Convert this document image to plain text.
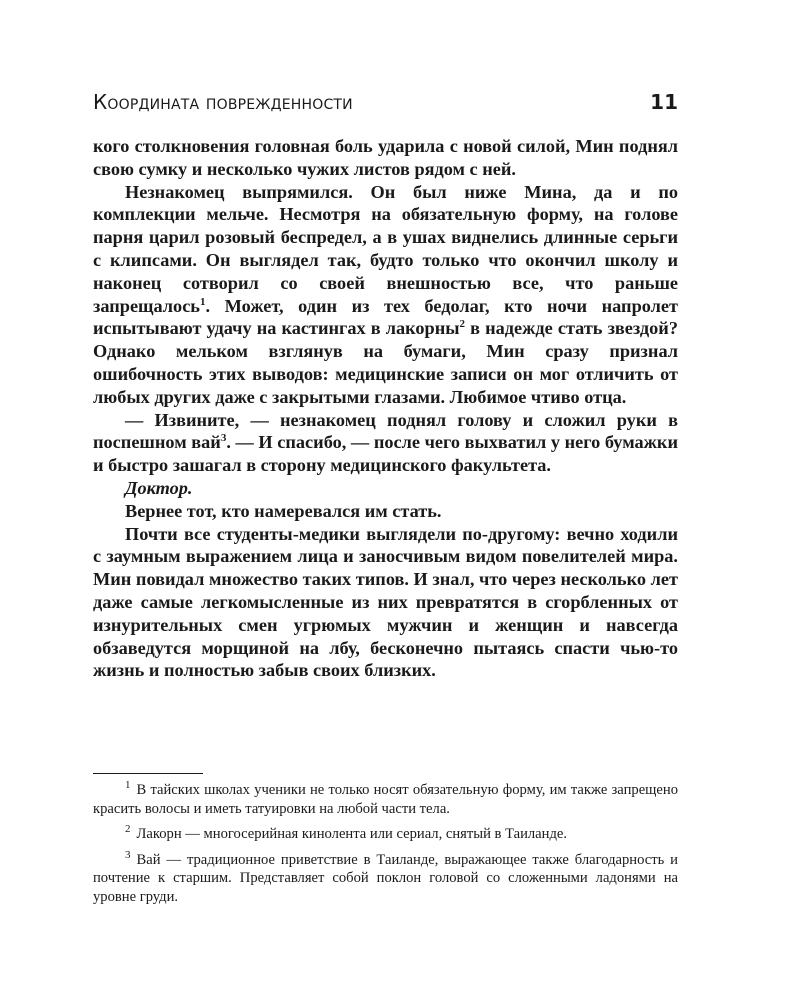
Координата поврежденности	11

кого столкновения головная боль ударила с новой силой, Мин поднял свою сумку и несколько чужих листов рядом с ней.

Незнакомец выпрямился. Он был ниже Мина, да и по комплекции мельче. Несмотря на обязательную форму, на голове парня царил розовый беспредел, а в ушах виднелись длинные серьги с клипсами. Он выглядел так, будто только что окончил школу и наконец сотворил со своей внешностью все, что раньше запрещалось$^1$. Может, один из тех бедолаг, кто ночи напролет испытывают удачу на кастингах в лакорны$^2$ в надежде стать звездой? Однако мельком взглянув на бумаги, Мин сразу признал ошибочность этих выводов: медицинские записи он мог отличить от любых других даже с закрытыми глазами. Любимое чтиво отца.

— Извините, — незнакомец поднял голову и сложил руки в поспешном вай$^3$. — И спасибо, — после чего выхватил у него бумажки и быстро зашагал в сторону медицинского факультета.

Доктор.

Вернее тот, кто намеревался им стать.

Почти все студенты-медики выглядели по-другому: вечно ходили с заумным выражением лица и заносчивым видом повелителей мира. Мин повидал множество таких типов. И знал, что через несколько лет даже самые легкомысленные из них превратятся в сгорбленных от изнурительных смен угрюмых мужчин и женщин и навсегда обзаведутся морщиной на лбу, бесконечно пытаясь спасти чью-то жизнь и полностью забыв своих близких.

$^1$ В тайских школах ученики не только носят обязательную форму, им также запрещено красить волосы и иметь татуировки на любой части тела.

$^2$ Лакорн — многосерийная кинолента или сериал, снятый в Таиланде.

$^3$ Вай — традиционное приветствие в Таиланде, выражающее также благодарность и почтение к старшим. Представляет собой поклон головой со сложенными ладонями на уровне груди.
